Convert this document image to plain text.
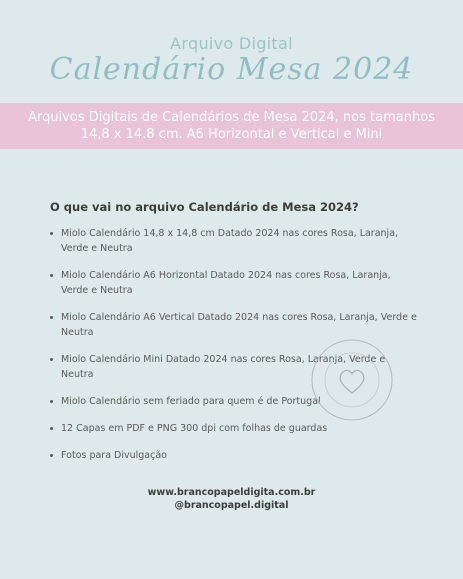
Arquivo Digital
Calendário Mesa 2024
Arquivos Digitais de Calendários de Mesa 2024, nos tamanhos 14,8 x 14.8 cm. A6 Horizontal e Vertical e Mini

O que vai no arquivo Calendário de Mesa 2024?

Miolo Calendário 14,8 x 14,8 cm Datado 2024 nas cores Rosa, Laranja, Verde e Neutra
Miolo Calendário A6 Horizontal Datado 2024 nas cores Rosa, Laranja, Verde e Neutra
Miolo Calendário A6 Vertical Datado 2024 nas cores Rosa, Laranja, Verde e Neutra
Miolo Calendário Mini Datado 2024 nas cores Rosa, Laranja, Verde e Neutra
Miolo Calendário sem feriado para quem é de Portugal
12 Capas em PDF e PNG 300 dpi com folhas de guardas
Fotos para Divulgação
www.brancopapeldigita.com.br
@brancopapel.digital
